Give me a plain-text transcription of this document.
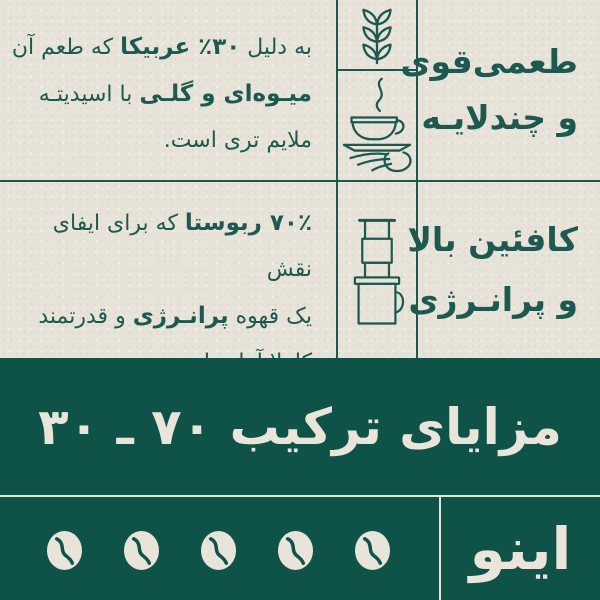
طعمی‌قوی
و چندلایـه
به دلیل ۳۰٪ عربیکا که طعم آن
میـوه‌ای و گلـی با اسیدیتـه
ملایم تری است.
کافئین بالا
و پرانـرژی
۷۰٪ ربوستا که برای ایفای نقش
یک قهوه پرانـرژی و قدرتمند
مزایای ترکیب ۷۰ ـ ۳۰
اینو
